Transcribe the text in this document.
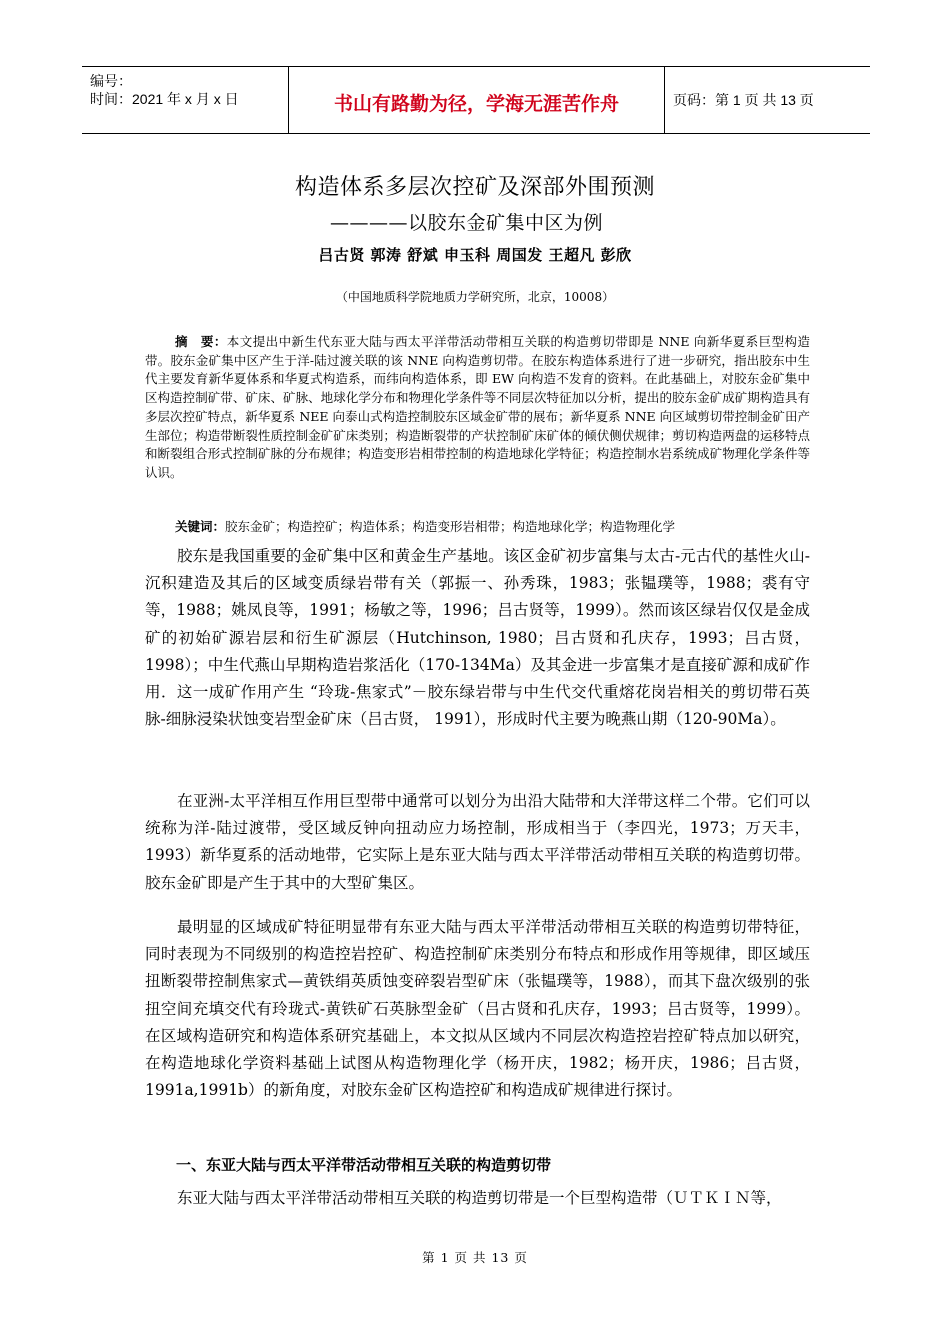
编号：
时间：2021 年 x 月 x 日	书山有路勤为径，学海无涯苦作舟	页码：第 1 页 共 13 页
构造体系多层次控矿及深部外围预测
————以胶东金矿集中区为例
吕古贤 郭涛 舒斌 申玉科 周国发 王超凡 彭欣
（中国地质科学院地质力学研究所，北京，10008）

摘　要：本文提出中新生代东亚大陆与西太平洋带活动带相互关联的构造剪切带即是 NNE 向新华夏系巨型构造带。胶东金矿集中区产生于洋-陆过渡关联的该 NNE 向构造剪切带。在胶东构造体系进行了进一步研究，指出胶东中生代主要发育新华夏体系和华夏式构造系，而纬向构造体系，即 EW 向构造不发育的资料。在此基础上，对胶东金矿集中区构造控制矿带、矿床、矿脉、地球化学分布和物理化学条件等不同层次特征加以分析，提出的胶东金矿成矿期构造具有多层次控矿特点，新华夏系 NEE 向泰山式构造控制胶东区域金矿带的展布；新华夏系 NNE 向区域剪切带控制金矿田产生部位；构造带断裂性质控制金矿矿床类别；构造断裂带的产状控制矿床矿体的倾伏侧伏规律；剪切构造两盘的运移特点和断裂组合形式控制矿脉的分布规律；构造变形岩相带控制的构造地球化学特征；构造控制水岩系统成矿物理化学条件等认识。

关键词：胶东金矿；构造控矿；构造体系；构造变形岩相带；构造地球化学；构造物理化学

胶东是我国重要的金矿集中区和黄金生产基地。该区金矿初步富集与太古-元古代的基性火山-沉积建造及其后的区域变质绿岩带有关（郭振一、孙秀珠，1983；张韫璞等，1988；裘有守等，1988；姚凤良等，1991；杨敏之等，1996；吕古贤等，1999）。然而该区绿岩仅仅是金成矿的初始矿源岩层和衍生矿源层（Hutchinson, 1980；吕古贤和孔庆存，1993；吕古贤，1998）；中生代燕山早期构造岩浆活化（170-134Ma）及其金进一步富集才是直接矿源和成矿作用．这一成矿作用产生 “玲珑-焦家式”－胶东绿岩带与中生代交代重熔花岗岩相关的剪切带石英脉-细脉浸染状蚀变岩型金矿床（吕古贤， 1991），形成时代主要为晚燕山期（120-90Ma）。

在亚洲-太平洋相互作用巨型带中通常可以划分为出沿大陆带和大洋带这样二个带。它们可以统称为洋-陆过渡带，受区域反钟向扭动应力场控制，形成相当于（李四光，1973；万天丰，1993）新华夏系的活动地带，它实际上是东亚大陆与西太平洋带活动带相互关联的构造剪切带。胶东金矿即是产生于其中的大型矿集区。

最明显的区域成矿特征明显带有东亚大陆与西太平洋带活动带相互关联的构造剪切带特征，同时表现为不同级别的构造控岩控矿、构造控制矿床类别分布特点和形成作用等规律，即区域压扭断裂带控制焦家式—黄铁绢英质蚀变碎裂岩型矿床（张韫璞等，1988），而其下盘次级别的张扭空间充填交代有玲珑式-黄铁矿石英脉型金矿（吕古贤和孔庆存，1993；吕古贤等，1999）。在区域构造研究和构造体系研究基础上，本文拟从区域内不同层次构造控岩控矿特点加以研究，在构造地球化学资料基础上试图从构造物理化学（杨开庆，1982；杨开庆，1986；吕古贤，1991a,1991b）的新角度，对胶东金矿区构造控矿和构造成矿规律进行探讨。

一、东亚大陆与西太平洋带活动带相互关联的构造剪切带

东亚大陆与西太平洋带活动带相互关联的构造剪切带是一个巨型构造带（ＵＴＫＩＮ等，

第 1 页 共 13 页
